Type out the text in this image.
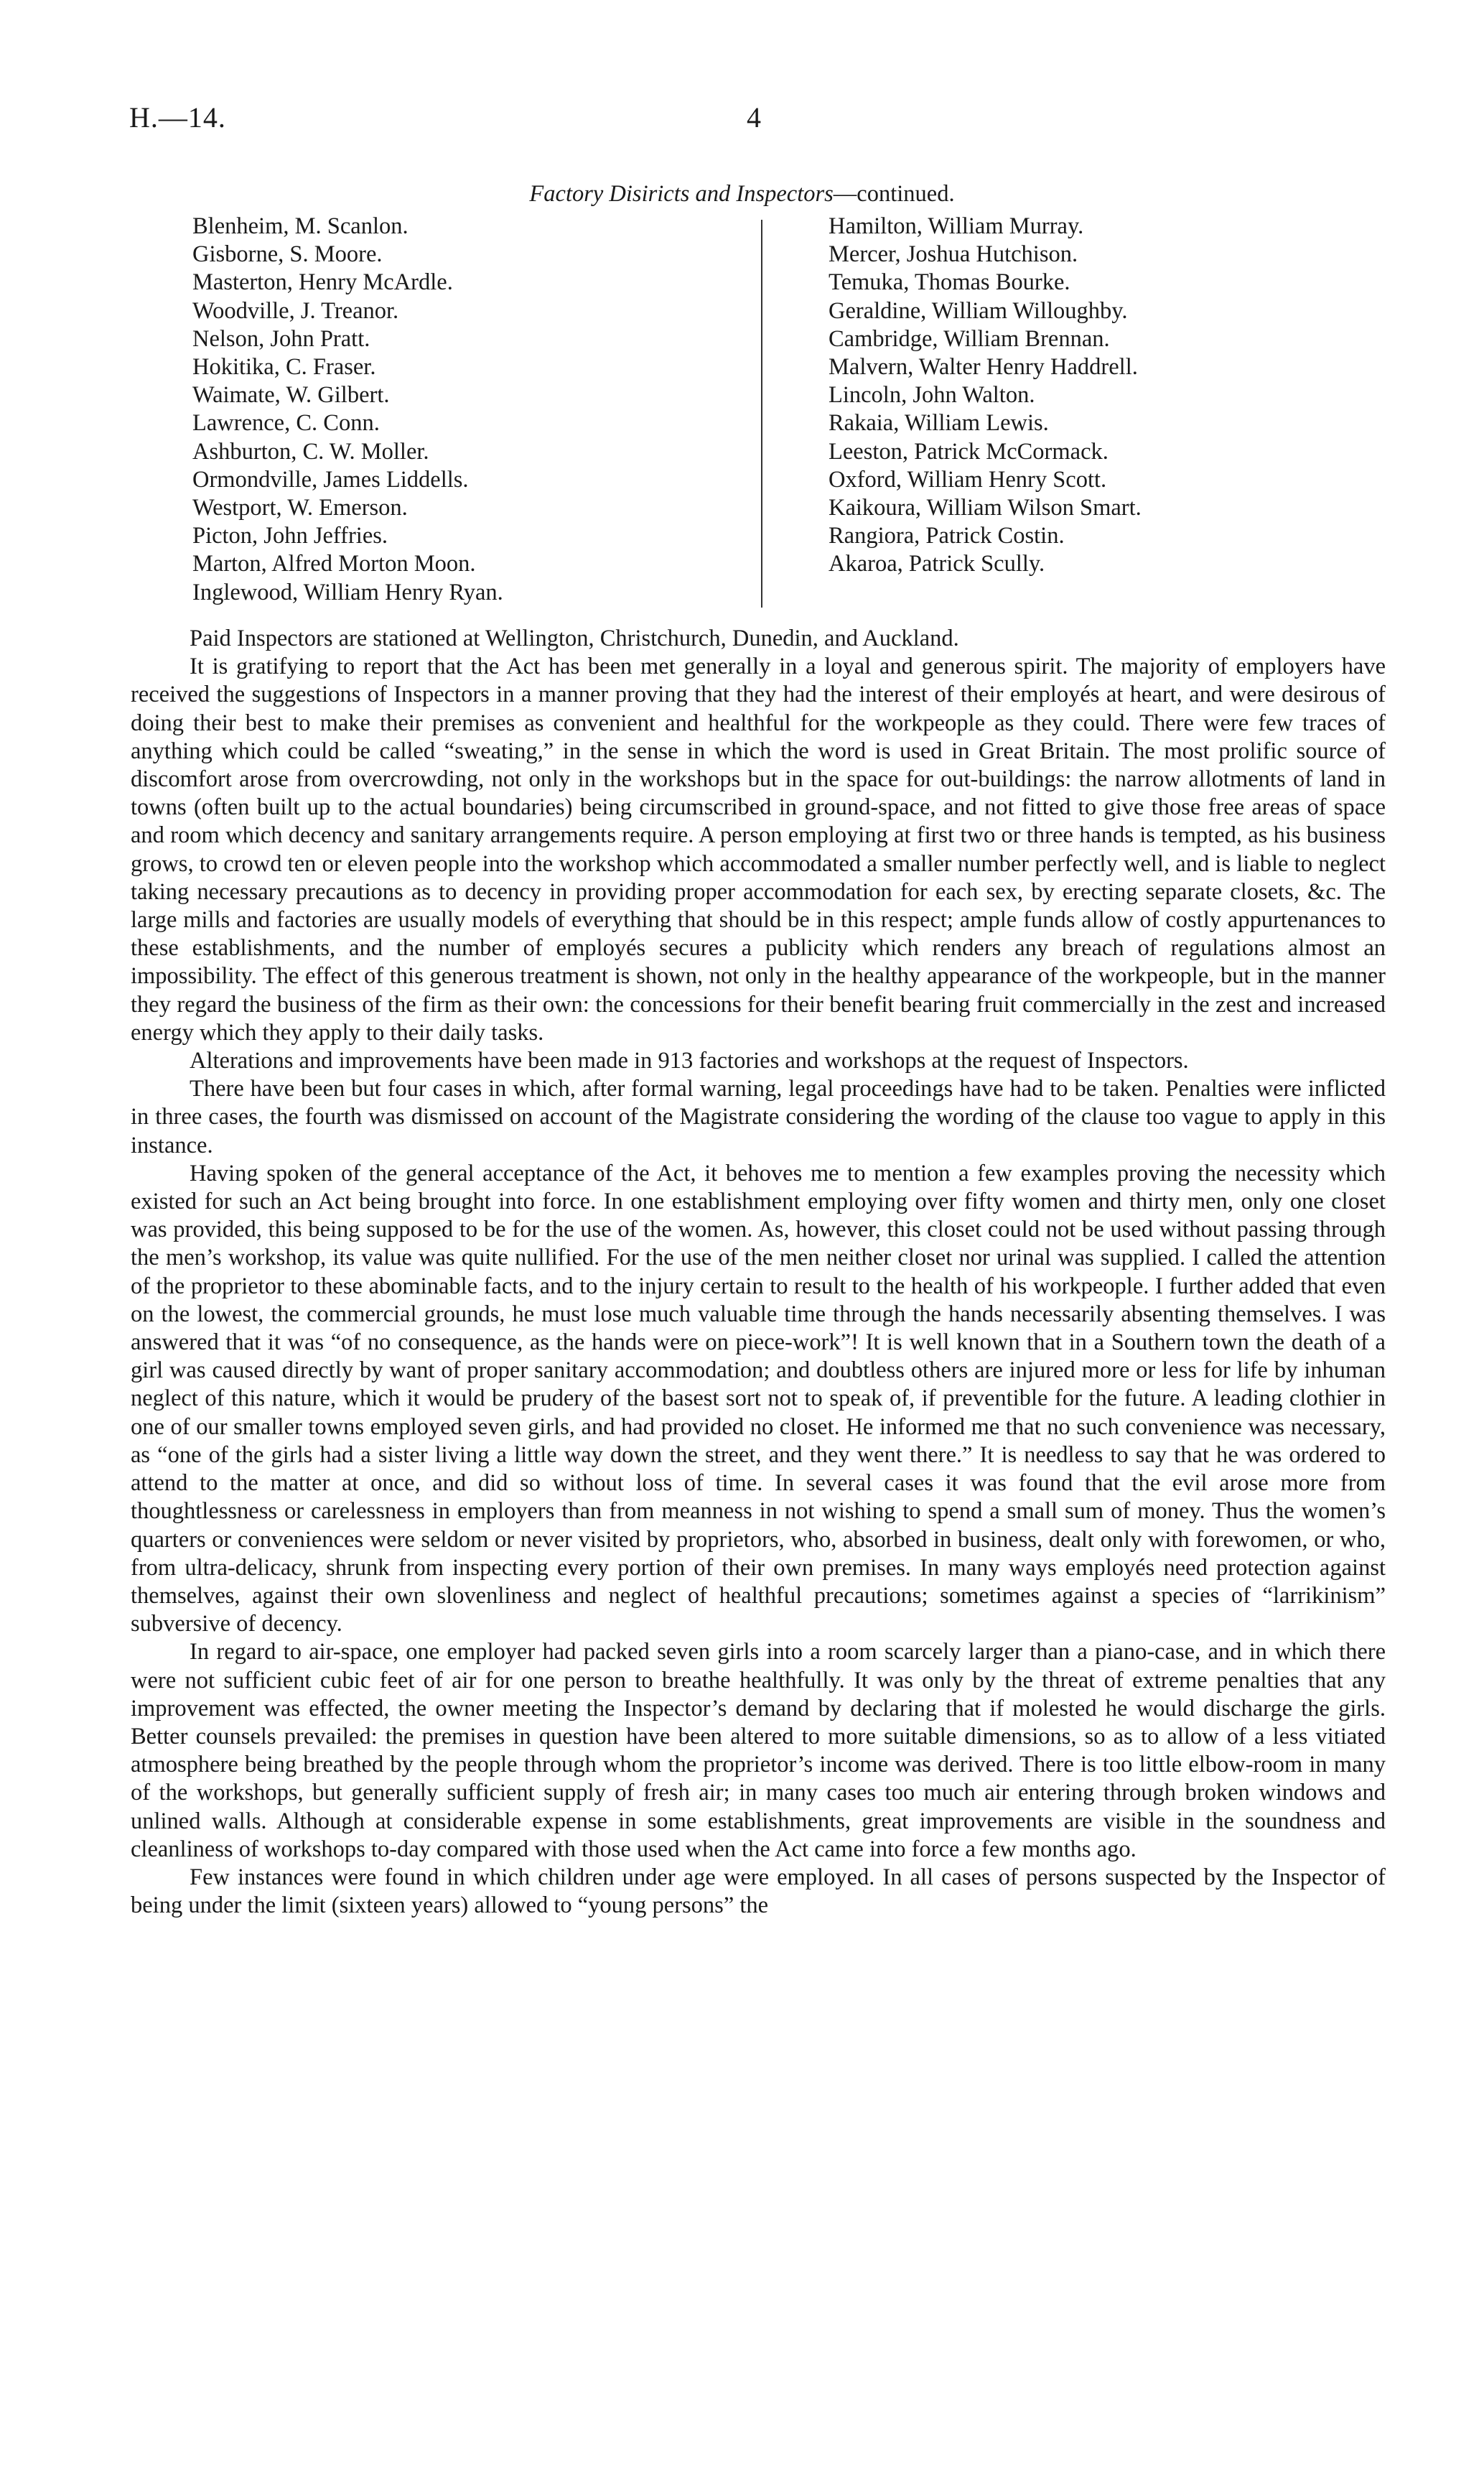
H.—14.	4
Factory Disiricts and Inspectors—continued.
Blenheim, M. Scanlon.
Gisborne, S. Moore.
Masterton, Henry McArdle.
Woodville, J. Treanor.
Nelson, John Pratt.
Hokitika, C. Fraser.
Waimate, W. Gilbert.
Lawrence, C. Conn.
Ashburton, C. W. Moller.
Ormondville, James Liddells.
Westport, W. Emerson.
Picton, John Jeffries.
Marton, Alfred Morton Moon.
Inglewood, William Henry Ryan.
Hamilton, William Murray.
Mercer, Joshua Hutchison.
Temuka, Thomas Bourke.
Geraldine, William Willoughby.
Cambridge, William Brennan.
Malvern, Walter Henry Haddrell.
Lincoln, John Walton.
Rakaia, William Lewis.
Leeston, Patrick McCormack.
Oxford, William Henry Scott.
Kaikoura, William Wilson Smart.
Rangiora, Patrick Costin.
Akaroa, Patrick Scully.

Paid Inspectors are stationed at Wellington, Christchurch, Dunedin, and Auckland.

It is gratifying to report that the Act has been met generally in a loyal and generous spirit. The majority of employers have received the suggestions of Inspectors in a manner proving that they had the interest of their employés at heart, and were desirous of doing their best to make their premises as convenient and healthful for the workpeople as they could. There were few traces of anything which could be called “sweating,” in the sense in which the word is used in Great Britain. The most prolific source of discomfort arose from overcrowding, not only in the workshops but in the space for out-buildings: the narrow allotments of land in towns (often built up to the actual boundaries) being circumscribed in ground-space, and not fitted to give those free areas of space and room which decency and sanitary arrangements require. A person employing at first two or three hands is tempted, as his business grows, to crowd ten or eleven people into the workshop which accommodated a smaller number perfectly well, and is liable to neglect taking necessary precautions as to decency in providing proper accommodation for each sex, by erecting separate closets, &c. The large mills and factories are usually models of everything that should be in this respect; ample funds allow of costly appurtenances to these establishments, and the number of employés secures a publicity which renders any breach of regulations almost an impossibility. The effect of this generous treatment is shown, not only in the healthy appearance of the workpeople, but in the manner they regard the business of the firm as their own: the concessions for their benefit bearing fruit commercially in the zest and increased energy which they apply to their daily tasks.

Alterations and improvements have been made in 913 factories and workshops at the request of Inspectors.

There have been but four cases in which, after formal warning, legal proceedings have had to be taken. Penalties were inflicted in three cases, the fourth was dismissed on account of the Magistrate considering the wording of the clause too vague to apply in this instance.

Having spoken of the general acceptance of the Act, it behoves me to mention a few examples proving the necessity which existed for such an Act being brought into force. In one establishment employing over fifty women and thirty men, only one closet was provided, this being supposed to be for the use of the women. As, however, this closet could not be used without passing through the men’s workshop, its value was quite nullified. For the use of the men neither closet nor urinal was supplied. I called the attention of the proprietor to these abominable facts, and to the injury certain to result to the health of his workpeople. I further added that even on the lowest, the commercial grounds, he must lose much valuable time through the hands necessarily absenting themselves. I was answered that it was “of no consequence, as the hands were on piece-work”! It is well known that in a Southern town the death of a girl was caused directly by want of proper sanitary accommodation; and doubtless others are injured more or less for life by inhuman neglect of this nature, which it would be prudery of the basest sort not to speak of, if preventible for the future. A leading clothier in one of our smaller towns employed seven girls, and had provided no closet. He informed me that no such convenience was necessary, as “one of the girls had a sister living a little way down the street, and they went there.” It is needless to say that he was ordered to attend to the matter at once, and did so without loss of time. In several cases it was found that the evil arose more from thoughtlessness or carelessness in employers than from meanness in not wishing to spend a small sum of money. Thus the women’s quarters or conveniences were seldom or never visited by proprietors, who, absorbed in business, dealt only with forewomen, or who, from ultra-delicacy, shrunk from inspecting every portion of their own premises. In many ways employés need protection against themselves, against their own slovenliness and neglect of healthful precautions; sometimes against a species of “larrikinism” subversive of decency.

In regard to air-space, one employer had packed seven girls into a room scarcely larger than a piano-case, and in which there were not sufficient cubic feet of air for one person to breathe healthfully. It was only by the threat of extreme penalties that any improvement was effected, the owner meeting the Inspector’s demand by declaring that if molested he would discharge the girls. Better counsels prevailed: the premises in question have been altered to more suitable dimensions, so as to allow of a less vitiated atmosphere being breathed by the people through whom the proprietor’s income was derived. There is too little elbow-room in many of the workshops, but generally sufficient supply of fresh air; in many cases too much air entering through broken windows and unlined walls. Although at considerable expense in some establishments, great improvements are visible in the soundness and cleanliness of workshops to-day compared with those used when the Act came into force a few months ago.

Few instances were found in which children under age were employed. In all cases of persons suspected by the Inspector of being under the limit (sixteen years) allowed to “young persons” the
